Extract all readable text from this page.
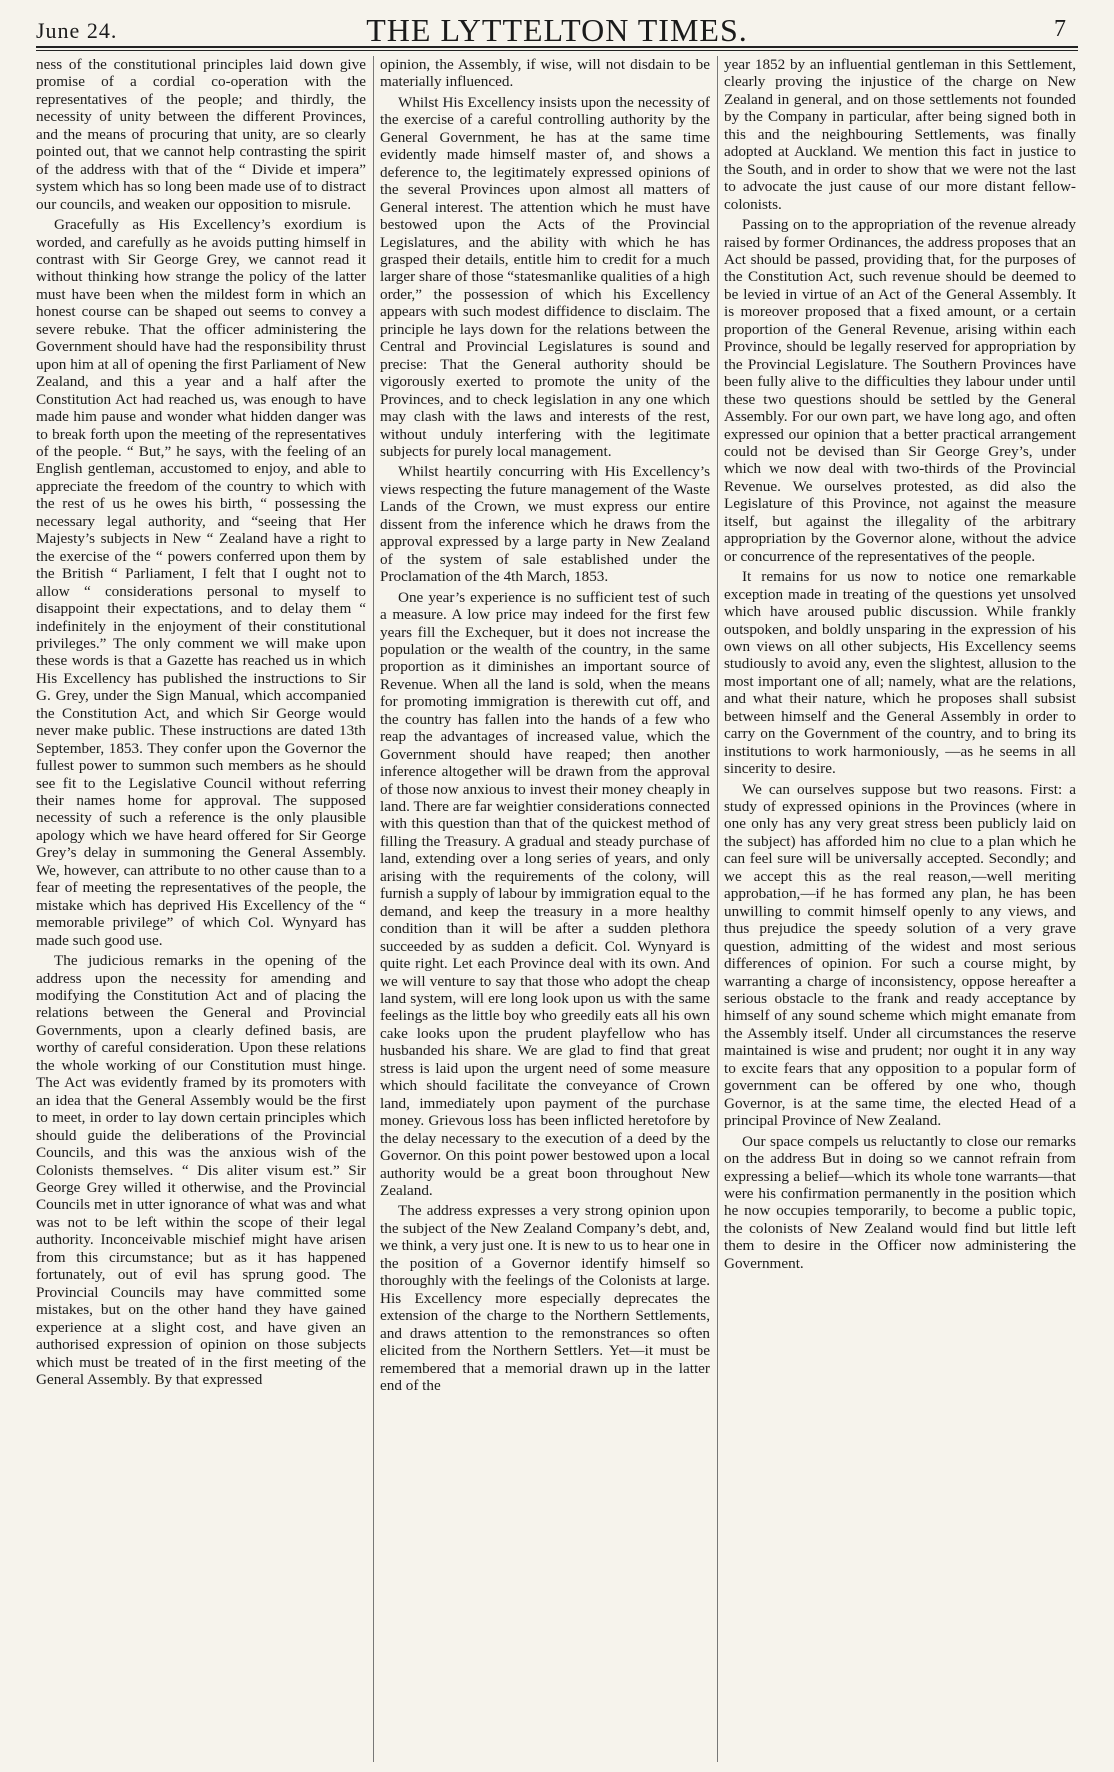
June 24.	THE LYTTELTON TIMES.	7

ness of the constitutional principles laid down give promise of a cordial co-operation with the representatives of the people; and thirdly, the necessity of unity between the different Provinces, and the means of procuring that unity, are so clearly pointed out, that we cannot help contrasting the spirit of the address with that of the “ Divide et impera” system which has so long been made use of to distract our councils, and weaken our opposition to misrule.

Gracefully as His Excellency’s exordium is worded, and carefully as he avoids putting himself in contrast with Sir George Grey, we cannot read it without thinking how strange the policy of the latter must have been when the mildest form in which an honest course can be shaped out seems to convey a severe rebuke. That the officer administering the Government should have had the responsibility thrust upon him at all of opening the first Parliament of New Zealand, and this a year and a half after the Constitution Act had reached us, was enough to have made him pause and wonder what hidden danger was to break forth upon the meeting of the representatives of the people. “ But,” he says, with the feeling of an English gentleman, accustomed to enjoy, and able to appreciate the freedom of the country to which with the rest of us he owes his birth, “ possessing the necessary legal authority, and “seeing that Her Majesty’s subjects in New “ Zealand have a right to the exercise of the “ powers conferred upon them by the British “ Parliament, I felt that I ought not to allow “ considerations personal to myself to disappoint their expectations, and to delay them “ indefinitely in the enjoyment of their constitutional privileges.” The only comment we will make upon these words is that a Gazette has reached us in which His Excellency has published the instructions to Sir G. Grey, under the Sign Manual, which accompanied the Constitution Act, and which Sir George would never make public. These instructions are dated 13th September, 1853. They confer upon the Governor the fullest power to summon such members as he should see fit to the Legislative Council without referring their names home for approval. The supposed necessity of such a reference is the only plausible apology which we have heard offered for Sir George Grey’s delay in summoning the General Assembly. We, however, can attribute to no other cause than to a fear of meeting the representatives of the people, the mistake which has deprived His Excellency of the “ memorable privilege” of which Col. Wynyard has made such good use.

The judicious remarks in the opening of the address upon the necessity for amending and modifying the Constitution Act and of placing the relations between the General and Provincial Governments, upon a clearly defined basis, are worthy of careful consideration. Upon these relations the whole working of our Constitution must hinge. The Act was evidently framed by its promoters with an idea that the General Assembly would be the first to meet, in order to lay down certain principles which should guide the deliberations of the Provincial Councils, and this was the anxious wish of the Colonists themselves. “ Dis aliter visum est.” Sir George Grey willed it otherwise, and the Provincial Councils met in utter ignorance of what was and what was not to be left within the scope of their legal authority. Inconceivable mischief might have arisen from this circumstance; but as it has happened fortunately, out of evil has sprung good. The Provincial Councils may have committed some mistakes, but on the other hand they have gained experience at a slight cost, and have given an authorised expression of opinion on those subjects which must be treated of in the first meeting of the General Assembly. By that expressed

opinion, the Assembly, if wise, will not disdain to be materially influenced.

Whilst His Excellency insists upon the necessity of the exercise of a careful controlling authority by the General Government, he has at the same time evidently made himself master of, and shows a deference to, the legitimately expressed opinions of the several Provinces upon almost all matters of General interest. The attention which he must have bestowed upon the Acts of the Provincial Legislatures, and the ability with which he has grasped their details, entitle him to credit for a much larger share of those “statesmanlike qualities of a high order,” the possession of which his Excellency appears with such modest diffidence to disclaim. The principle he lays down for the relations between the Central and Provincial Legislatures is sound and precise: That the General authority should be vigorously exerted to promote the unity of the Provinces, and to check legislation in any one which may clash with the laws and interests of the rest, without unduly interfering with the legitimate subjects for purely local management.

Whilst heartily concurring with His Excellency’s views respecting the future management of the Waste Lands of the Crown, we must express our entire dissent from the inference which he draws from the approval expressed by a large party in New Zealand of the system of sale established under the Proclamation of the 4th March, 1853.

One year’s experience is no sufficient test of such a measure. A low price may indeed for the first few years fill the Exchequer, but it does not increase the population or the wealth of the country, in the same proportion as it diminishes an important source of Revenue. When all the land is sold, when the means for promoting immigration is therewith cut off, and the country has fallen into the hands of a few who reap the advantages of increased value, which the Government should have reaped; then another inference altogether will be drawn from the approval of those now anxious to invest their money cheaply in land. There are far weightier considerations connected with this question than that of the quickest method of filling the Treasury. A gradual and steady purchase of land, extending over a long series of years, and only arising with the requirements of the colony, will furnish a supply of labour by immigration equal to the demand, and keep the treasury in a more healthy condition than it will be after a sudden plethora succeeded by as sudden a deficit. Col. Wynyard is quite right. Let each Province deal with its own. And we will venture to say that those who adopt the cheap land system, will ere long look upon us with the same feelings as the little boy who greedily eats all his own cake looks upon the prudent playfellow who has husbanded his share. We are glad to find that great stress is laid upon the urgent need of some measure which should facilitate the conveyance of Crown land, immediately upon payment of the purchase money. Grievous loss has been inflicted heretofore by the delay necessary to the execution of a deed by the Governor. On this point power bestowed upon a local authority would be a great boon throughout New Zealand.

The address expresses a very strong opinion upon the subject of the New Zealand Company’s debt, and, we think, a very just one. It is new to us to hear one in the position of a Governor identify himself so thoroughly with the feelings of the Colonists at large. His Excellency more especially deprecates the extension of the charge to the Northern Settlements, and draws attention to the remonstrances so often elicited from the Northern Settlers. Yet—it must be remembered that a memorial drawn up in the latter end of the

year 1852 by an influential gentleman in this Settlement, clearly proving the injustice of the charge on New Zealand in general, and on those settlements not founded by the Company in particular, after being signed both in this and the neighbouring Settlements, was finally adopted at Auckland. We mention this fact in justice to the South, and in order to show that we were not the last to advocate the just cause of our more distant fellow-colonists.

Passing on to the appropriation of the revenue already raised by former Ordinances, the address proposes that an Act should be passed, providing that, for the purposes of the Constitution Act, such revenue should be deemed to be levied in virtue of an Act of the General Assembly. It is moreover proposed that a fixed amount, or a certain proportion of the General Revenue, arising within each Province, should be legally reserved for appropriation by the Provincial Legislature. The Southern Provinces have been fully alive to the difficulties they labour under until these two questions should be settled by the General Assembly. For our own part, we have long ago, and often expressed our opinion that a better practical arrangement could not be devised than Sir George Grey’s, under which we now deal with two-thirds of the Provincial Revenue. We ourselves protested, as did also the Legislature of this Province, not against the measure itself, but against the illegality of the arbitrary appropriation by the Governor alone, without the advice or concurrence of the representatives of the people.

It remains for us now to notice one remarkable exception made in treating of the questions yet unsolved which have aroused public discussion. While frankly outspoken, and boldly unsparing in the expression of his own views on all other subjects, His Excellency seems studiously to avoid any, even the slightest, allusion to the most important one of all; namely, what are the relations, and what their nature, which he proposes shall subsist between himself and the General Assembly in order to carry on the Government of the country, and to bring its institutions to work harmoniously, —as he seems in all sincerity to desire.

We can ourselves suppose but two reasons. First: a study of expressed opinions in the Provinces (where in one only has any very great stress been publicly laid on the subject) has afforded him no clue to a plan which he can feel sure will be universally accepted. Secondly; and we accept this as the real reason,—well meriting approbation,—if he has formed any plan, he has been unwilling to commit himself openly to any views, and thus prejudice the speedy solution of a very grave question, admitting of the widest and most serious differences of opinion. For such a course might, by warranting a charge of inconsistency, oppose hereafter a serious obstacle to the frank and ready acceptance by himself of any sound scheme which might emanate from the Assembly itself. Under all circumstances the reserve maintained is wise and prudent; nor ought it in any way to excite fears that any opposition to a popular form of government can be offered by one who, though Governor, is at the same time, the elected Head of a principal Province of New Zealand.

Our space compels us reluctantly to close our remarks on the address But in doing so we cannot refrain from expressing a belief—which its whole tone warrants—that were his confirmation permanently in the position which he now occupies temporarily, to become a public topic, the colonists of New Zealand would find but little left them to desire in the Officer now administering the Government.
